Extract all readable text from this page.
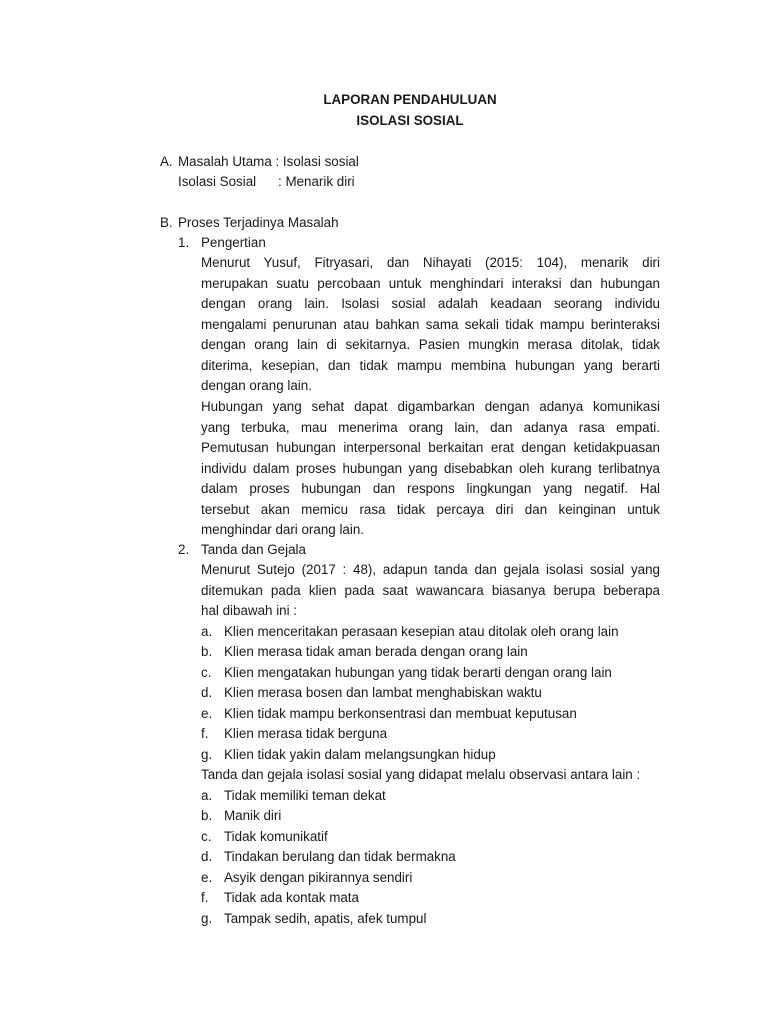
LAPORAN PENDAHULUAN
ISOLASI SOSIAL
A. Masalah Utama : Isolasi sosial
Isolasi Sosial : Menarik diri
B. Proses Terjadinya Masalah
1. Pengertian
Menurut Yusuf, Fitryasari, dan Nihayati (2015: 104), menarik diri
merupakan suatu percobaan untuk menghindari interaksi dan hubungan
dengan orang lain. Isolasi sosial adalah keadaan seorang individu
mengalami penurunan atau bahkan sama sekali tidak mampu berinteraksi
dengan orang lain di sekitarnya. Pasien mungkin merasa ditolak, tidak
diterima, kesepian, dan tidak mampu membina hubungan yang berarti
dengan orang lain.
Hubungan yang sehat dapat digambarkan dengan adanya komunikasi
yang terbuka, mau menerima orang lain, dan adanya rasa empati.
Pemutusan hubungan interpersonal berkaitan erat dengan ketidakpuasan
individu dalam proses hubungan yang disebabkan oleh kurang terlibatnya
dalam proses hubungan dan respons lingkungan yang negatif. Hal
tersebut akan memicu rasa tidak percaya diri dan keinginan untuk
menghindar dari orang lain.
2. Tanda dan Gejala
Menurut Sutejo (2017 : 48), adapun tanda dan gejala isolasi sosial yang
ditemukan pada klien pada saat wawancara biasanya berupa beberapa
hal dibawah ini :
a. Klien menceritakan perasaan kesepian atau ditolak oleh orang lain
b. Klien merasa tidak aman berada dengan orang lain
c. Klien mengatakan hubungan yang tidak berarti dengan orang lain
d. Klien merasa bosen dan lambat menghabiskan waktu
e. Klien tidak mampu berkonsentrasi dan membuat keputusan
f. Klien merasa tidak berguna
g. Klien tidak yakin dalam melangsungkan hidup
Tanda dan gejala isolasi sosial yang didapat melalu observasi antara lain :
a. Tidak memiliki teman dekat
b. Manik diri
c. Tidak komunikatif
d. Tindakan berulang dan tidak bermakna
e. Asyik dengan pikirannya sendiri
f. Tidak ada kontak mata
g. Tampak sedih, apatis, afek tumpul
